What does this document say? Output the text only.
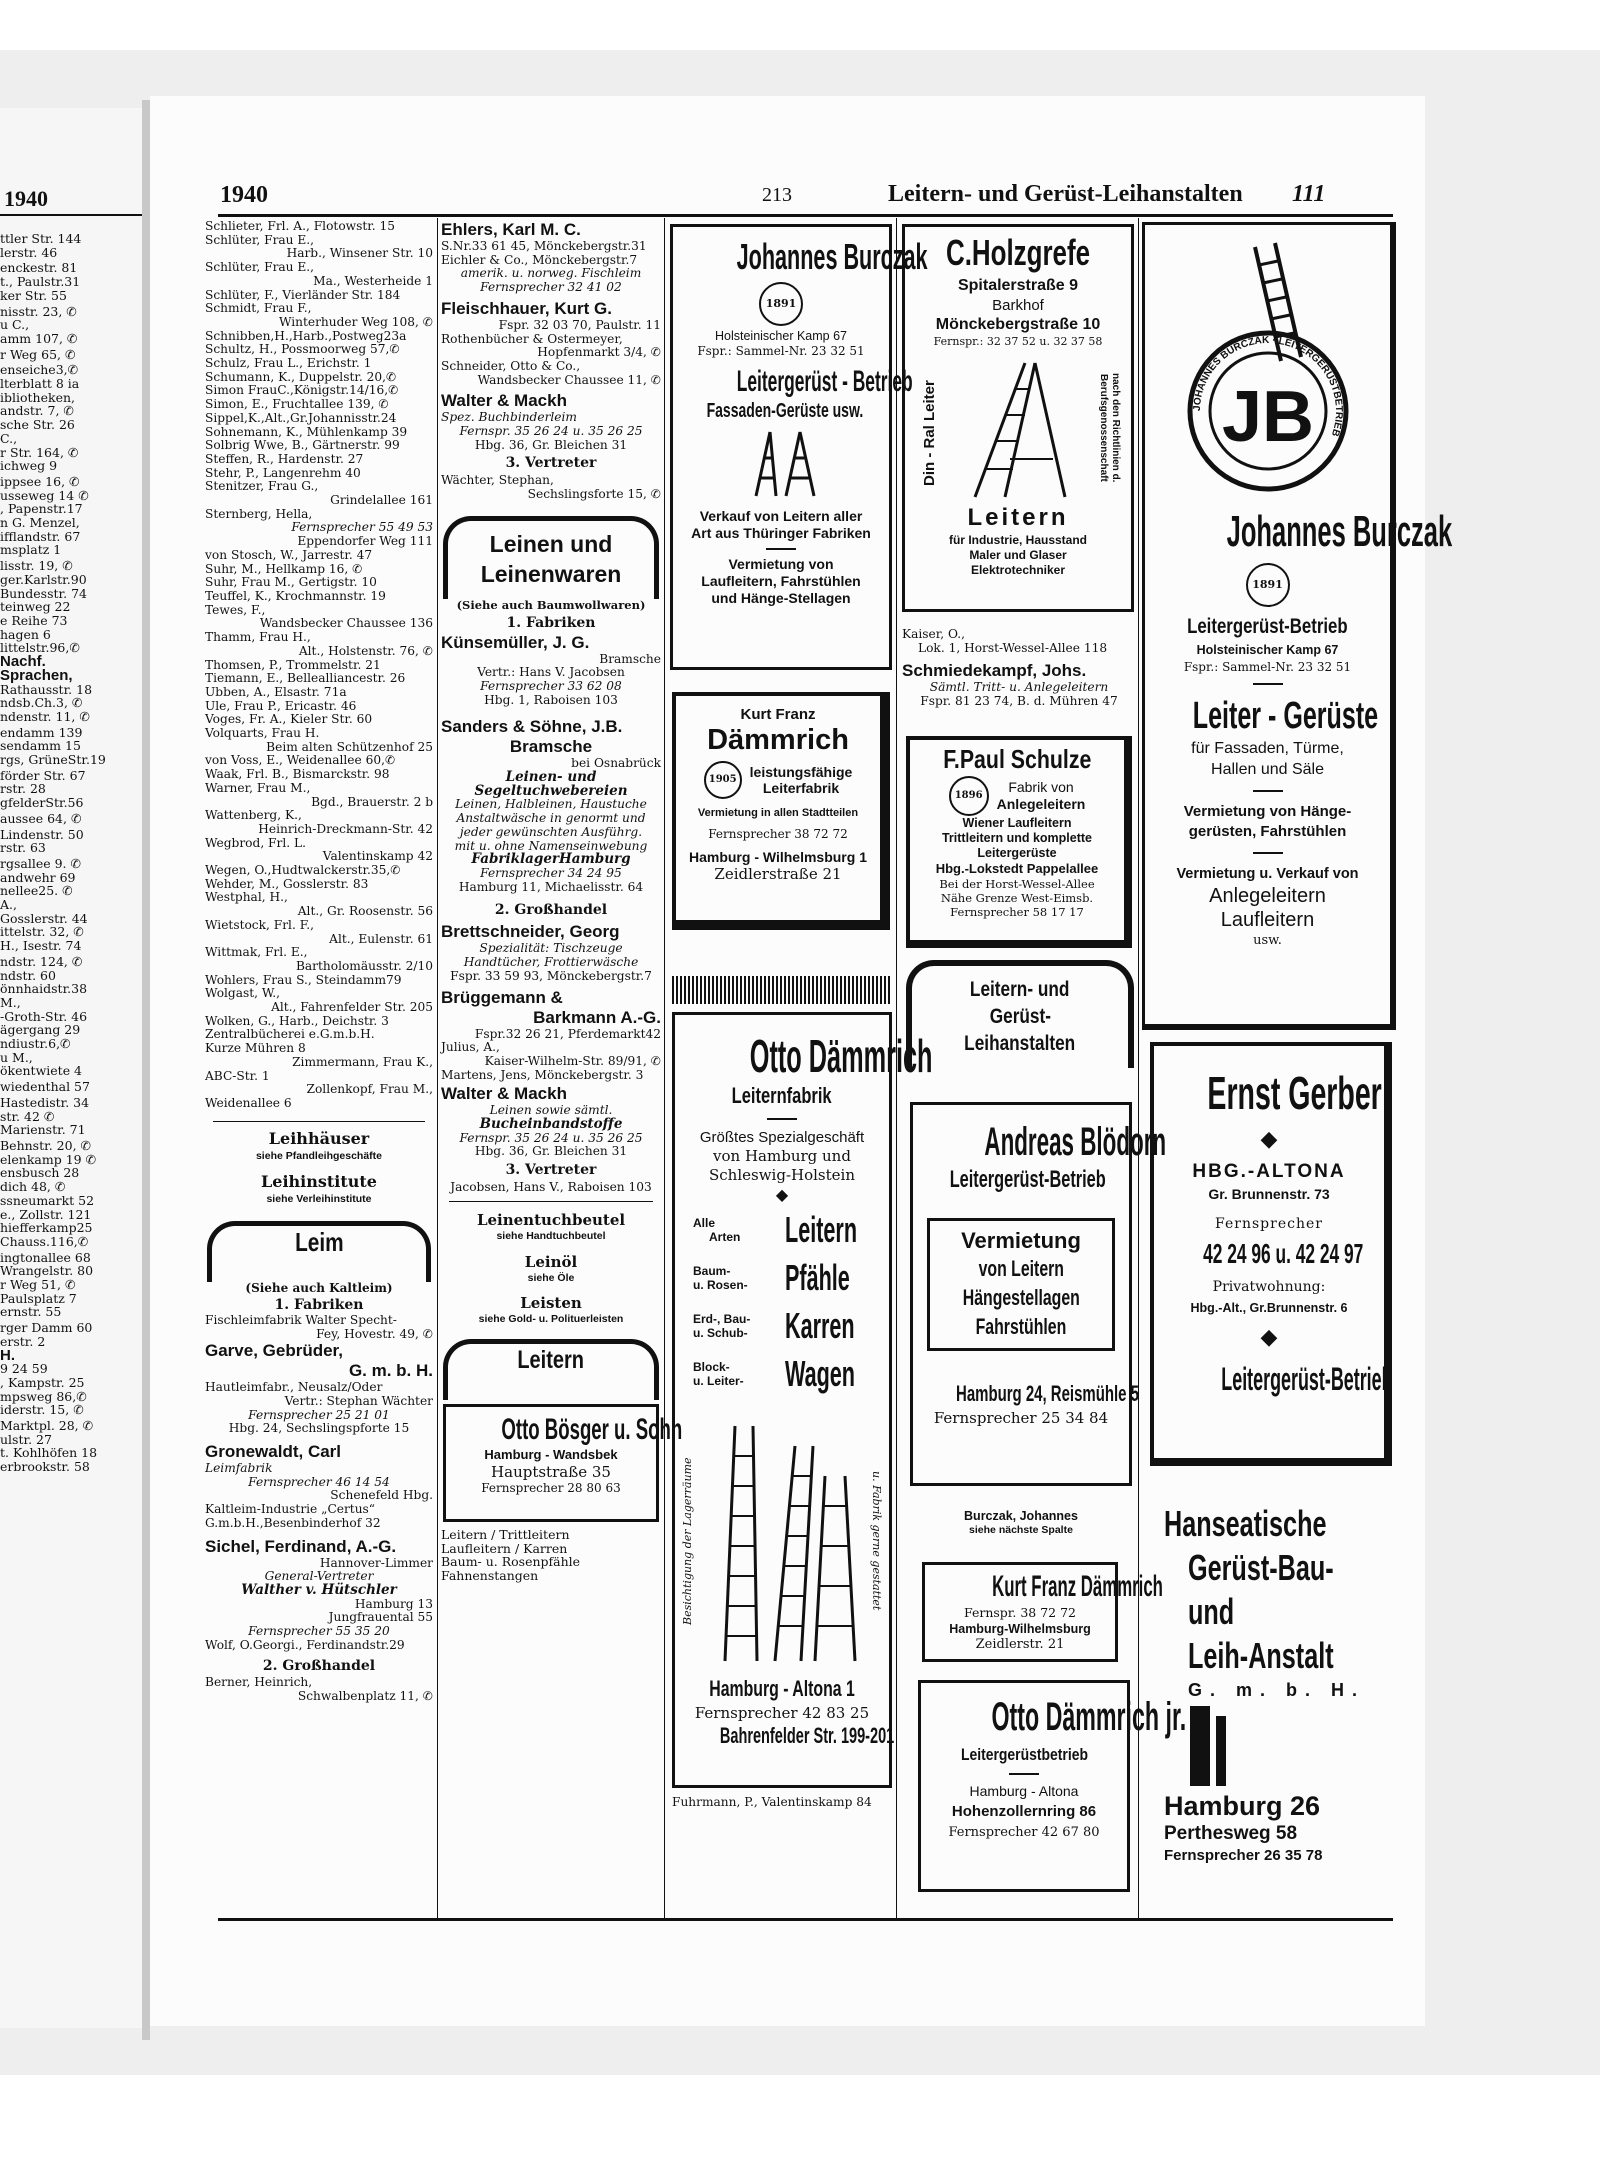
1940
ttler Str. 144
lerstr. 46

enckestr. 81
t., Paulstr.31
ker Str. 55

nisstr. 23, ✆
u C.,
amm 107, ✆

r Weg 65, ✆

enseiche3,✆
lterblatt 8 ia
ibliotheken,
andstr. 7, ✆
sche Str. 26
C.,
r Str. 164, ✆
ichweg 9

ippsee 16, ✆
usseweg 14 ✆
, Papenstr.17
n G. Menzel,
ifflandstr. 67
msplatz 1

lisstr. 19, ✆
ger.Karlstr.90
Bundesstr. 74
teinweg 22
e Reihe 73
hagen 6
littelstr.96,✆
Nachf.
Sprachen,
Rathausstr. 18
ndsb.Ch.3, ✆
ndenstr. 11, ✆

endamm 139
sendamm 15
rgs, GrüneStr.19

förder Str. 67
rstr. 28
gfelderStr.56

aussee 64, ✆

Lindenstr. 50
rstr. 63

rgsallee 9. ✆
andwehr 69
nellee25. ✆
A.,
Gosslerstr. 44
ittelstr. 32, ✆
H., Isestr. 74

ndstr. 124, ✆
ndstr. 60
önnhaidstr.38
M.,
-Groth-Str. 46
ägergang 29
ndiustr.6,✆
u M.,
ökentwiete 4

wiedenthal 57

Hastedistr. 34
str. 42 ✆
Marienstr. 71

Behnstr. 20, ✆
elenkamp 19 ✆
ensbusch 28
dich 48, ✆
ssneumarkt 52
e., Zollstr. 121
hiefferkamp25
Chauss.116,✆

ingtonallee 68
Wrangelstr. 80
r Weg 51, ✆
Paulsplatz 7
ernstr. 55

rger Damm 60
erstr. 2
H.
9 24 59
, Kampstr. 25
mpsweg 86,✆
iderstr. 15, ✆

Marktpl. 28, ✆
ulstr. 27
t. Kohlhöfen 18
erbrookstr. 58
1940	213	Leitern- und Gerüst-Leihanstalten 111
Schlieter, Frl. A., Flotowstr. 15
Schlüter, Frau E.,
Harb., Winsener Str. 10
Schlüter, Frau E.,
Ma., Westerheide 1
Schlüter, F., Vierländer Str. 184
Schmidt, Frau F.,
Winterhuder Weg 108, ✆
Schnibben,H.,Harb.,Postweg23a
Schultz, H., Possmoorweg 57,✆
Schulz, Frau L., Erichstr. 1
Schumann, K., Duppelstr. 20,✆
Simon FrauC.,Königstr.14/16,✆
Simon, E., Fruchtallee 139, ✆
Sippel,K.,Alt.,Gr.Johannisstr.24
Sohnemann, K., Mühlenkamp 39
Solbrig Wwe, B., Gärtnerstr. 99
Steffen, R., Hardenstr. 27
Stehr, P., Langenrehm 40
Stenitzer, Frau G.,
Grindelallee 161
Sternberg, Hella,
Fernsprecher 55 49 53
Eppendorfer Weg 111
von Stosch, W., Jarrestr. 47
Suhr, M., Hellkamp 16, ✆
Suhr, Frau M., Gertigstr. 10
Teuffel, K., Krochmannstr. 19
Tewes, F.,
Wandsbecker Chaussee 136
Thamm, Frau H.,
Alt., Holstenstr. 76, ✆
Thomsen, P., Trommelstr. 21
Tiemann, E., Bellealliancestr. 26
Ubben, A., Elsastr. 71a
Ule, Frau P., Ericastr. 46
Voges, Fr. A., Kieler Str. 60
Volquarts, Frau H.
Beim alten Schützenhof 25
von Voss, E., Weidenallee 60,✆
Waak, Frl. B., Bismarckstr. 98
Warner, Frau M.,
Bgd., Brauerstr. 2 b
Wattenberg, K.,
Heinrich-Dreckmann-Str. 42
Wegbrod, Frl. L.
Valentinskamp 42
Wegen, O.,Hudtwalckerstr.35,✆
Wehder, M., Gosslerstr. 83
Westphal, H.,
Alt., Gr. Roosenstr. 56
Wietstock, Frl. F.,
Alt., Eulenstr. 61
Wittmak, Frl. E.,
Bartholomäusstr. 2/10
Wohlers, Frau S., Steindamm79
Wolgast, W.,
Alt., Fahrenfelder Str. 205
Wolken, G., Harb., Deichstr. 3
Zentralbücherei e.G.m.b.H.
Kurze Mühren 8
Zimmermann, Frau K.,
ABC-Str. 1
Zollenkopf, Frau M.,
Weidenallee 6
Leihhäuser
siehe Pfandleihgeschäfte
Leihinstitute
siehe Verleihinstitute
Leim
(Siehe auch Kaltleim)
1. Fabriken
Fischleimfabrik Walter Specht-
Fey, Hovestr. 49, ✆
Garve, Gebrüder,
G. m. b. H.
Hautleimfabr., Neusalz/Oder
Vertr.: Stephan Wächter
Fernsprecher 25 21 01
Hbg. 24, Sechslingspforte 15
Gronewaldt, Carl
Leimfabrik
Fernsprecher 46 14 54
Schenefeld Hbg.
Kaltleim-Industrie „Certus“
G.m.b.H.,Besenbinderhof 32
Sichel, Ferdinand, A.-G.
Hannover-Limmer
General-Vertreter
Walther v. Hütschler
Hamburg 13
Jungfrauental 55
Fernsprecher 55 35 20
Wolf, O.Georgi., Ferdinandstr.29
2. Großhandel
Berner, Heinrich,
Schwalbenplatz 11, ✆
Ehlers, Karl M. C.
S.Nr.33 61 45, Mönckebergstr.31
Eichler & Co., Mönckebergstr.7
amerik. u. norweg. Fischleim
Fernsprecher 32 41 02
Fleischhauer, Kurt G.
Fspr. 32 03 70, Paulstr. 11
Rothenbücher & Ostermeyer,
Hopfenmarkt 3/4, ✆
Schneider, Otto & Co.,
Wandsbecker Chaussee 11, ✆
Walter & Mackh
Spez. Buchbinderleim
Fernspr. 35 26 24 u. 35 26 25
Hbg. 36, Gr. Bleichen 31
3. Vertreter
Wächter, Stephan,
Sechslingsforte 15, ✆
Leinen und
Leinenwaren
(Siehe auch Baumwollwaren)
1. Fabriken
Künsemüller, J. G.
Bramsche
Vertr.: Hans V. Jacobsen
Fernsprecher 33 62 08
Hbg. 1, Raboisen 103
Sanders & Söhne, J.B.
Bramsche
bei Osnabrück
Leinen- und
Segeltuchwebereien
Leinen, Halbleinen, Haustuche
Anstaltwäsche in genormt und
jeder gewünschten Ausführg.
mit u. ohne Namenseinwebung
FabriklagerHamburg
Fernsprecher 34 24 95
Hamburg 11, Michaelisstr. 64
2. Großhandel
Brettschneider, Georg
Spezialität: Tischzeuge
Handtücher, Frottierwäsche
Fspr. 33 59 93, Mönckebergstr.7
Brüggemann &
Barkmann A.-G.
Fspr.32 26 21, Pferdemarkt42
Julius, A.,
Kaiser-Wilhelm-Str. 89/91, ✆
Martens, Jens, Mönckebergstr. 3
Walter & Mackh
Leinen sowie sämtl.
Bucheinbandstoffe
Fernspr. 35 26 24 u. 35 26 25
Hbg. 36, Gr. Bleichen 31
3. Vertreter
Jacobsen, Hans V., Raboisen 103
Leinentuchbeutel
siehe Handtuchbeutel
Leinöl
siehe Öle
Leisten
siehe Gold- u. Polituerleisten
Leitern
Otto Bösger u. Sohn
Hamburg - Wandsbek
Hauptstraße 35
Fernsprecher 28 80 63
Leitern / Trittleitern
Laufleitern / Karren
Baum- u. Rosenpfähle
Fahnenstangen
Johannes Burczak
1891
Holsteinischer Kamp 67
Fspr.: Sammel-Nr. 23 32 51
Leitergerüst - Betrieb
Fassaden-Gerüste usw.
Verkauf von Leitern aller
Art aus Thüringer Fabriken
Vermietung von
Laufleitern, Fahrstühlen
und Hänge-Stellagen
Kurt Franz
Dämmrich
1905 leistungsfähige
Leiterfabrik
Vermietung in allen Stadtteilen
Fernsprecher 38 72 72
Hamburg - Wilhelmsburg 1
Zeidlerstraße 21
Otto Dämmrich
Leiternfabrik
Größtes Spezialgeschäft
von Hamburg und
Schleswig-Holstein
◆
Alle
Arten Leitern
Baum-
u. Rosen- Pfähle
Erd-, Bau-
u. Schub- Karren
Block-
u. Leiter- Wagen
Besichtigung der Lagerräume	u. Fabrik gerne gestattet
Hamburg - Altona 1
Fernsprecher 42 83 25
Bahrenfelder Str. 199-201
Fuhrmann, P., Valentinskamp 84
C.Holzgrefe
Spitalerstraße 9
Barkhof
Mönckebergstraße 10
Fernspr.: 32 37 52 u. 32 37 58
Din - Ral Leiter	nach den Richtlinien d. Berufsgenossenschaft
Leitern
für Industrie, Hausstand
Maler und Glaser
Elektrotechniker
Kaiser, O.,
Lok. 1, Horst-Wessel-Allee 118
Schmiedekampf, Johs.
Sämtl. Tritt- u. Anlegeleitern
Fspr. 81 23 74, B. d. Mühren 47
F.Paul Schulze
1896
Fabrik von
Anlegeleitern
Wiener Laufleitern
Trittleitern und komplette
Leitergerüste
Hbg.-Lokstedt Pappelallee
Bei der Horst-Wessel-Allee
Nähe Grenze West-Eimsb.
Fernsprecher 58 17 17
Leitern- und
Gerüst-
Leihanstalten
Andreas Blödorn
Leitergerüst-Betrieb
Vermietung
von Leitern
Hängestellagen
Fahrstühlen
Hamburg 24, Reismühle 5
Fernsprecher 25 34 84
Burczak, Johannes
siehe nächste Spalte
Kurt Franz Dämmrich
Fernspr. 38 72 72
Hamburg-Wilhelmsburg
Zeidlerstr. 21
Otto Dämmrich jr.
Leitergerüstbetrieb
Hamburg - Altona
Hohenzollernring 86
Fernsprecher 42 67 80
JB
JOHANNES BURCZAK · LEITERGERÜSTBETRIEB
Johannes Burczak
1891
Leitergerüst-Betrieb
Holsteinischer Kamp 67
Fspr.: Sammel-Nr. 23 32 51
Leiter - Gerüste
für Fassaden, Türme,
Hallen und Säle
Vermietung von Hänge-
gerüsten, Fahrstühlen
Vermietung u. Verkauf von
Anlegeleitern
Laufleitern
usw.
Ernst Gerber
◆
HBG.-ALTONA
Gr. Brunnenstr. 73
Fernsprecher
42 24 96 u. 42 24 97
Privatwohnung:
Hbg.-Alt., Gr.Brunnenstr. 6
◆
Leitergerüst-Betrieb
Hanseatische
Gerüst-Bau-
und
Leih-Anstalt
G. m. b. H.
Hamburg 26
Perthesweg 58
Fernsprecher 26 35 78
